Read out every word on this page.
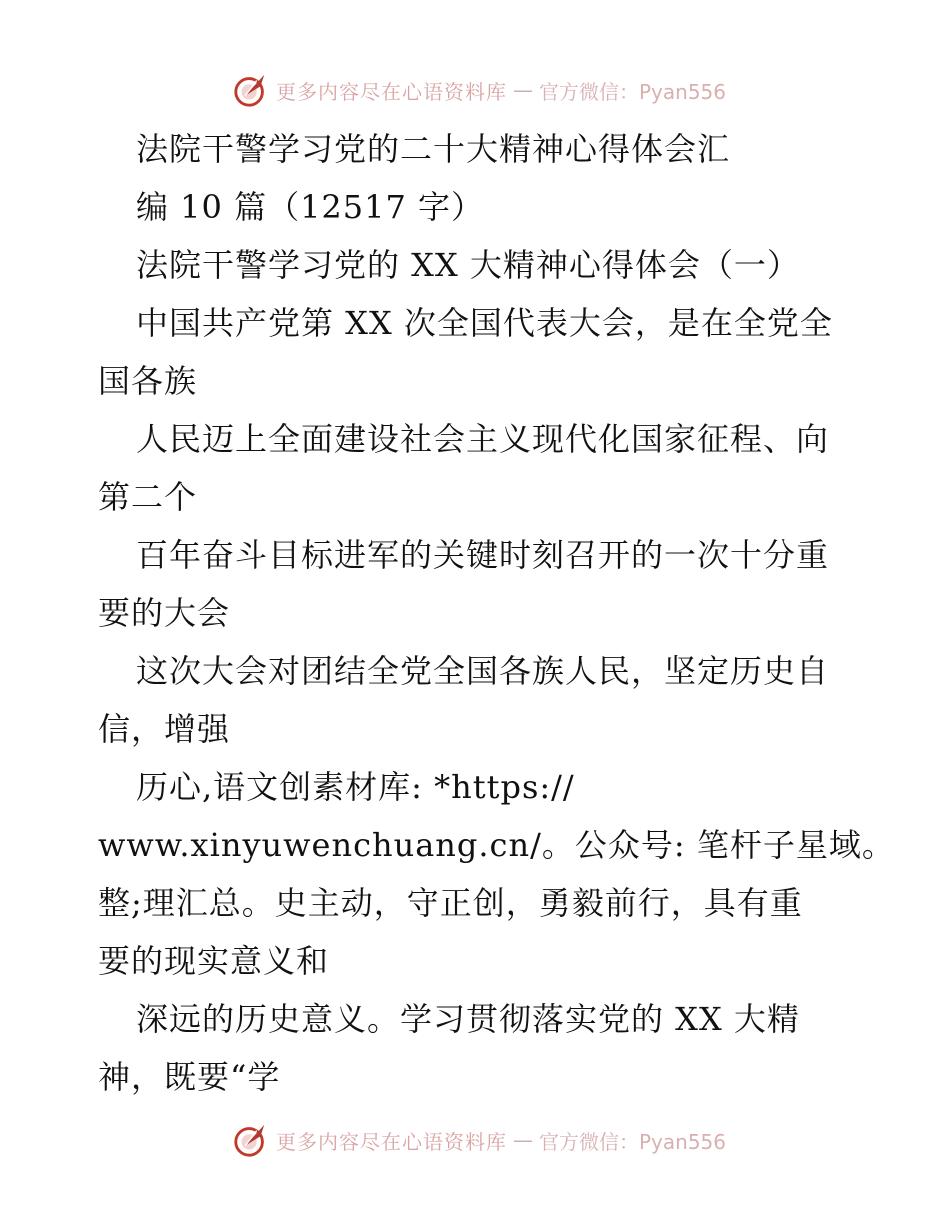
更多内容尽在心语资料库 — 官方微信：Pyan556
法院干警学习党的二十大精神心得体会汇
编 10 篇（12517 字）
法院干警学习党的 XX 大精神心得体会（一）
中国共产党第 XX 次全国代表大会，是在全党全
国各族
人民迈上全面建设社会主义现代化国家征程、向
第二个
百年奋斗目标进军的关键时刻召开的一次十分重
要的大会
这次大会对团结全党全国各族人民，坚定历史自
信，增强
历心,语文创素材库: *https://
www.xinyuwenchuang.cn/。公众号: 笔杆子星域。
整;理汇总。史主动，守正创，勇毅前行，具有重
要的现实意义和
深远的历史意义。学习贯彻落实党的 XX 大精
神，既要“学
更多内容尽在心语资料库 — 官方微信：Pyan556
